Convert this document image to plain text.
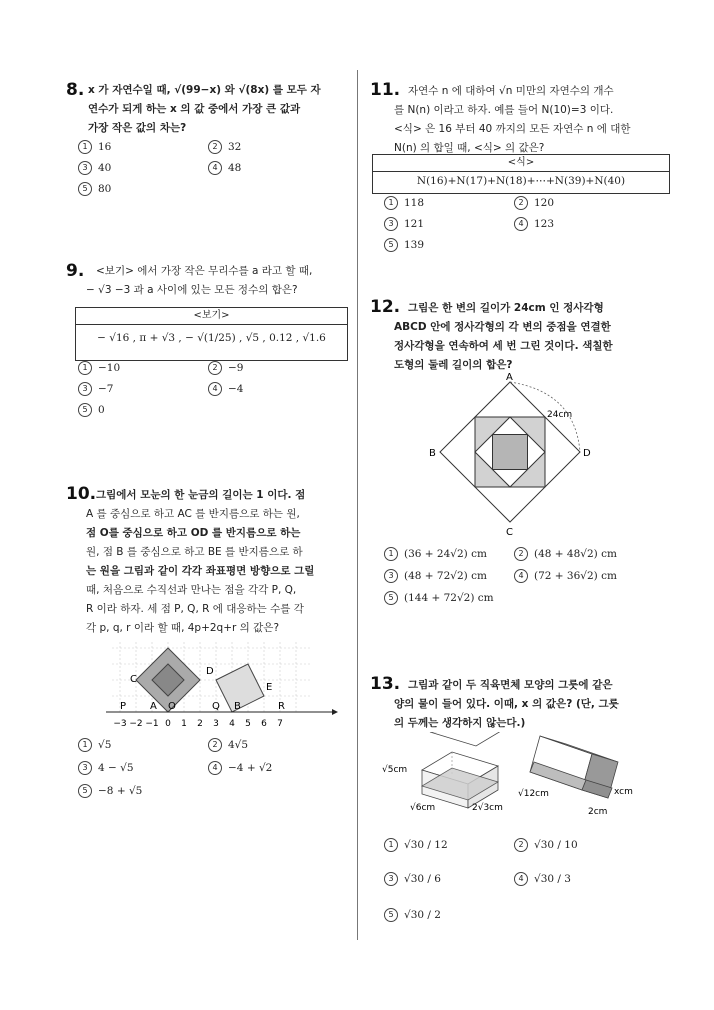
8. x 가 자연수일 때, √(99−x) 와 √(8x) 를 모두 자
연수가 되게 하는 x 의 값 중에서 가장 큰 값과
가장 작은 값의 차는?
1 16	2 32
3 40	4 48
5 80
9. <보기> 에서 가장 작은 무리수를 a 라고 할 때,
− √3 −3 과 a 사이에 있는 모든 정수의 합은?
<보기>
− √16 , π + √3 , − √(1/25) , √5 , 0.12̇ , √1.6
1 −10	2 −9
3 −7	4 −4
5 0
10. 그림에서 모눈의 한 눈금의 길이는 1 이다. 점
A 를 중심으로 하고 AC 를 반지름으로 하는 원,
점 O를 중심으로 하고 OD 를 반지름으로 하는
원, 점 B 를 중심으로 하고 BE 를 반지름으로 하
는 원을 그림과 같이 각각 좌표평면 방향으로 그릴
때, 처음으로 수직선과 만나는 점을 각각 P, Q,
R 이라 하자. 세 점 P, Q, R 에 대응하는 수를 각
각 p, q, r 이라 할 때, 4p+2q+r 의 값은?
D
C
E
P A O	Q B	R
−3 −2 −1 0 1 2 3 4 5 6 7
1 √5	2 4√5
3 4 − √5	4 −4 + √2
5 −8 + √5
11. 자연수 n 에 대하여 √n 미만의 자연수의 개수
를 N(n) 이라고 하자. 예를 들어 N(10)=3 이다.
<식> 은 16 부터 40 까지의 모든 자연수 n 에 대한
N(n) 의 합일 때, <식> 의 값은?
<식>
N(16)+N(17)+N(18)+⋯+N(39)+N(40)
1 118	2 120
3 121	4 123
5 139
12. 그림은 한 변의 길이가 24cm 인 정사각형
ABCD 안에 정사각형의 각 변의 중점을 연결한
정사각형을 연속하여 세 번 그린 것이다. 색칠한
도형의 둘레 길이의 합은?
A
B
C
D
24cm
1 (36 + 24√2) cm	2 (48 + 48√2) cm
3 (48 + 72√2) cm	4 (72 + 36√2) cm
5 (144 + 72√2) cm
13. 그림과 같이 두 직육면체 모양의 그릇에 같은
양의 물이 들어 있다. 이때, x 의 값은? (단, 그릇
의 두께는 생각하지 않는다.)
√5cm
√6cm	2√3cm
√12cm	xcm
2cm
1 √30 / 12	2 √30 / 10
3 √30 / 6	4 √30 / 3
5 √30 / 2
